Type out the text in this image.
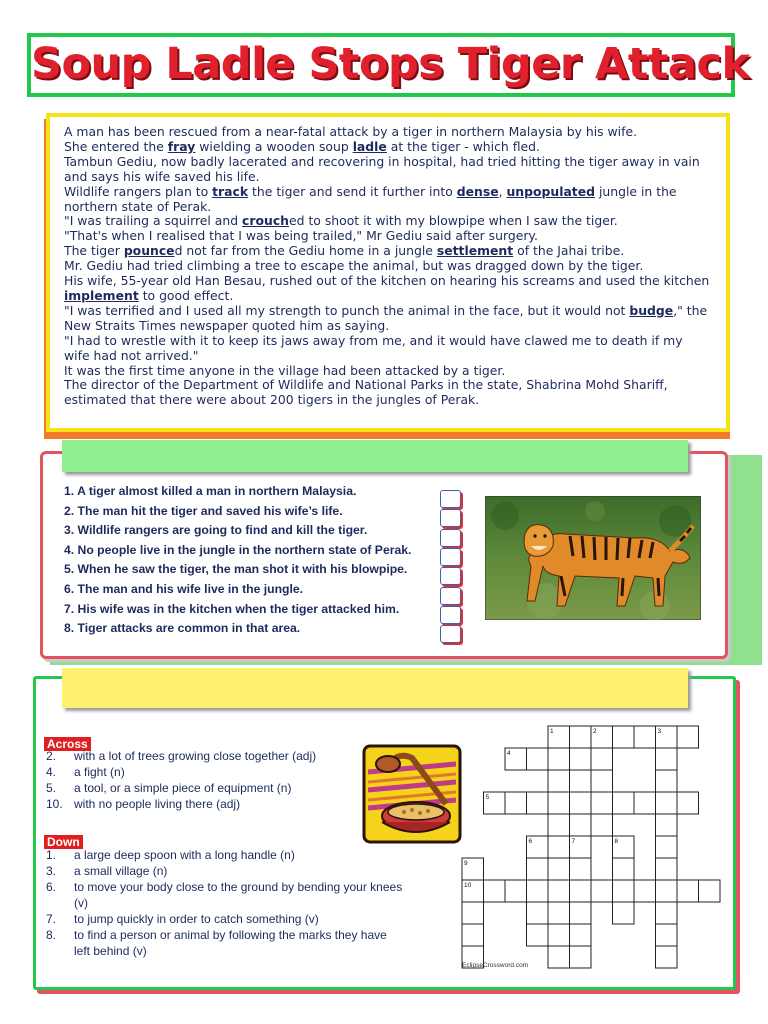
Soup Ladle Stops Tiger Attack

A man has been rescued from a near-fatal attack by a tiger in northern Malaysia by his wife.

She entered the fray wielding a wooden soup ladle at the tiger - which fled.

Tambun Gediu, now badly lacerated and recovering in hospital, had tried hitting the tiger away in vain and says his wife saved his life.

Wildlife rangers plan to track the tiger and send it further into dense, unpopulated jungle in the northern state of Perak.

"I was trailing a squirrel and crouched to shoot it with my blowpipe when I saw the tiger.

"That's when I realised that I was being trailed," Mr Gediu said after surgery.

The tiger pounced not far from the Gediu home in a jungle settlement of the Jahai tribe.

Mr. Gediu had tried climbing a tree to escape the animal, but was dragged down by the tiger.

His wife, 55-year old Han Besau, rushed out of the kitchen on hearing his screams and used the kitchen implement to good effect.

"I was terrified and I used all my strength to punch the animal in the face, but it would not budge," the New Straits Times newspaper quoted him as saying.

"I had to wrestle with it to keep its jaws away from me, and it would have clawed me to death if my wife had not arrived."

It was the first time anyone in the village had been attacked by a tiger.

The director of the Department of Wildlife and National Parks in the state, Shabrina Mohd Shariff, estimated that there were about 200 tigers in the jungles of Perak.

1. A tiger almost killed a man in northern Malaysia.
2. The man hit the tiger and saved his wife’s life.
3. Wildlife rangers are going to find and kill the tiger.
4. No people live in the jungle in the northern state of Perak.
5. When he saw the tiger, the man shot it with his blowpipe.
6. The man and his wife live in the jungle.
7. His wife was in the kitchen when the tiger attacked him.
8. Tiger attacks are common in that area.
Across
2. with a lot of trees growing close together (adj)
4. a fight (n)
5. a tool, or a simple piece of equipment (n)
10. with no people living there (adj)
Down
1. a large deep spoon with a long handle (n)
3. a small village (n)
6. to move your body close to the ground by bending your knees
(v)
7. to jump quickly in order to catch something (v)
8. to find a person or animal by following the marks they have
left behind (v)
1	2	3
4
5
6	7	8
9
10
EclipseCrossword.com
